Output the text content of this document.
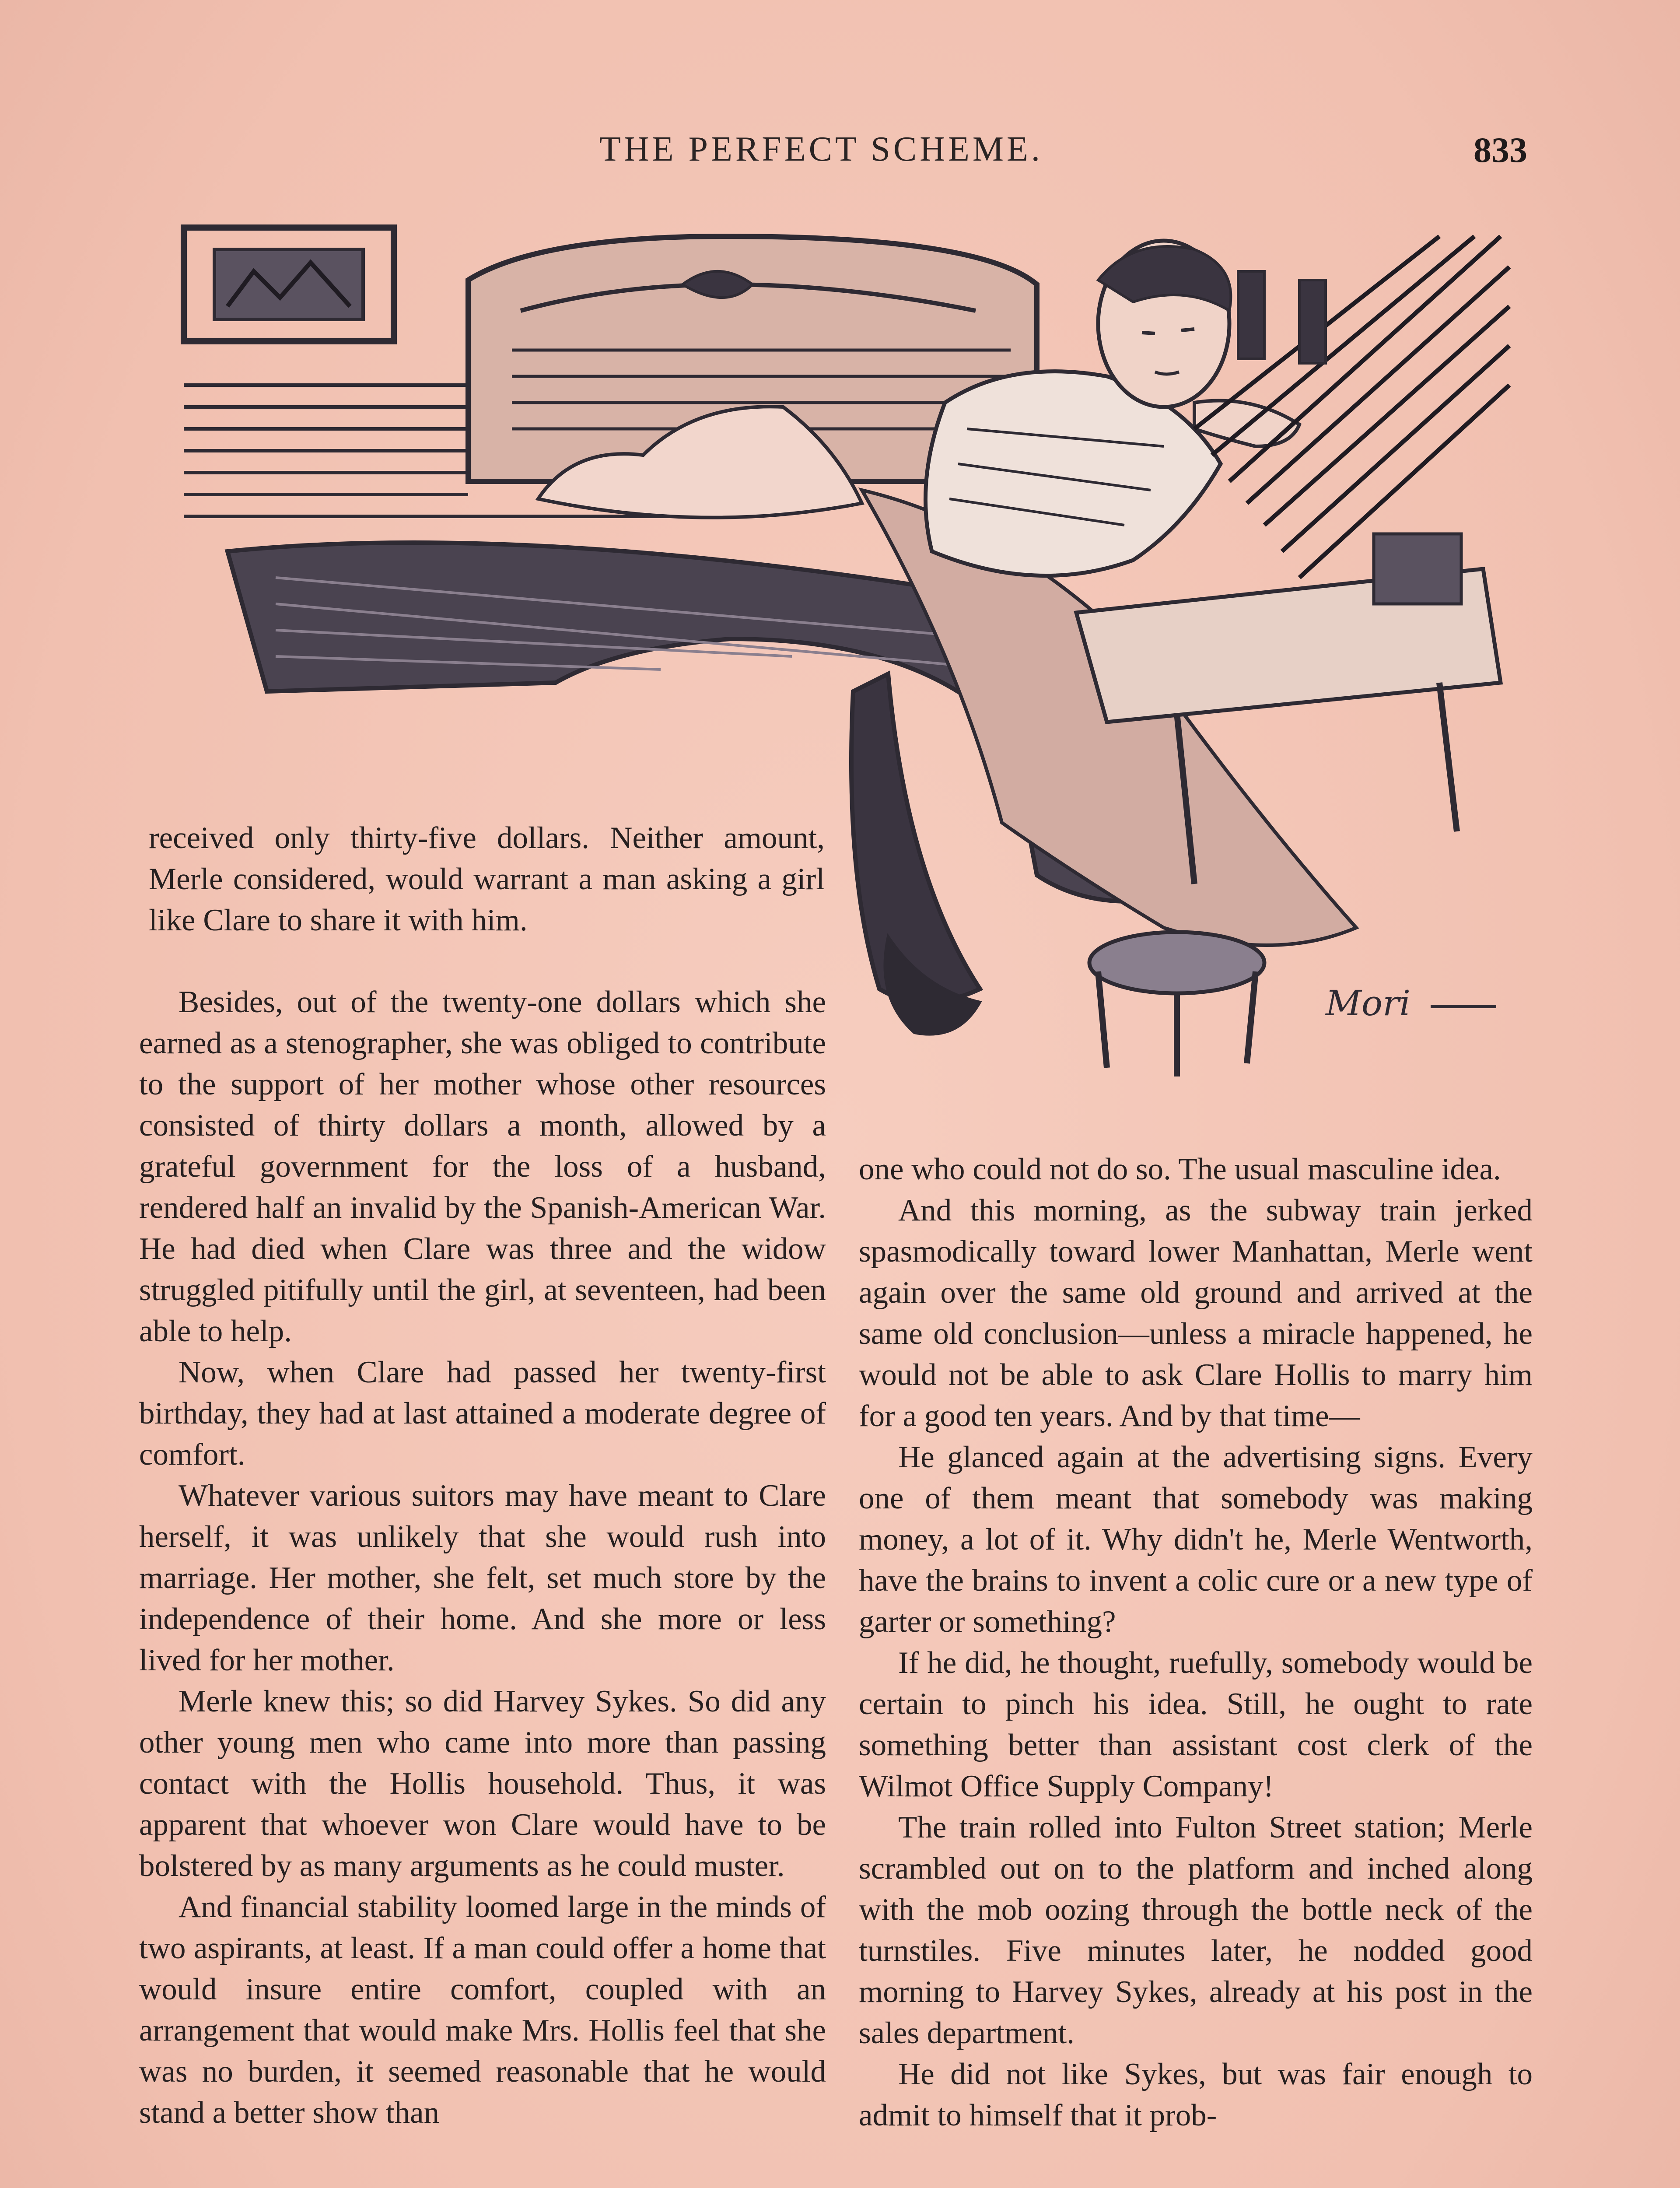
THE PERFECT SCHEME.	833
Mori

received only thirty-five dollars. Neither amount, Merle considered, would warrant a man asking a girl like Clare to share it with him.

Besides, out of the twenty-one dollars which she earned as a stenographer, she was obliged to contribute to the support of her mother whose other resources consisted of thirty dollars a month, allowed by a grateful government for the loss of a husband, rendered half an invalid by the Spanish-American War. He had died when Clare was three and the widow struggled pitifully until the girl, at seventeen, had been able to help.

Now, when Clare had passed her twenty-first birthday, they had at last attained a moderate degree of comfort.

Whatever various suitors may have meant to Clare herself, it was unlikely that she would rush into marriage. Her mother, she felt, set much store by the independence of their home. And she more or less lived for her mother.

Merle knew this; so did Harvey Sykes. So did any other young men who came into more than passing contact with the Hollis household. Thus, it was apparent that whoever won Clare would have to be bolstered by as many arguments as he could muster.

And financial stability loomed large in the minds of two aspirants, at least. If a man could offer a home that would insure entire comfort, coupled with an arrangement that would make Mrs. Hollis feel that she was no burden, it seemed reasonable that he would stand a better show than

one who could not do so. The usual masculine idea.

And this morning, as the subway train jerked spasmodically toward lower Manhattan, Merle went again over the same old ground and arrived at the same old conclusion—unless a miracle happened, he would not be able to ask Clare Hollis to marry him for a good ten years. And by that time—

He glanced again at the advertising signs. Every one of them meant that somebody was making money, a lot of it. Why didn't he, Merle Wentworth, have the brains to invent a colic cure or a new type of garter or something?

If he did, he thought, ruefully, somebody would be certain to pinch his idea. Still, he ought to rate something better than assistant cost clerk of the Wilmot Office Supply Company!

The train rolled into Fulton Street station; Merle scrambled out on to the platform and inched along with the mob oozing through the bottle neck of the turnstiles. Five minutes later, he nodded good morning to Harvey Sykes, already at his post in the sales department.

He did not like Sykes, but was fair enough to admit to himself that it prob-
